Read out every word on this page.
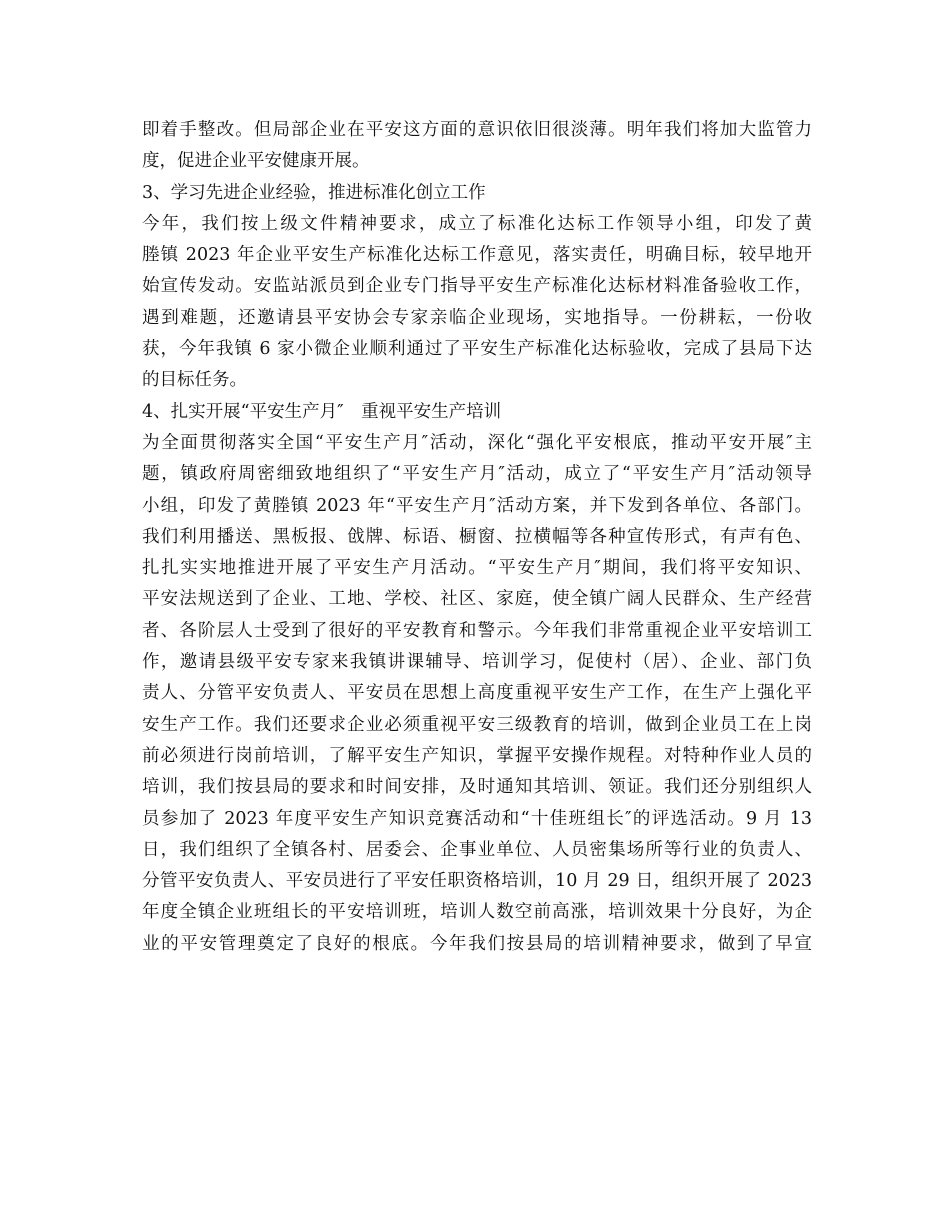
即着手整改。但局部企业在平安这方面的意识依旧很淡薄。明年我们将加大监管力
度，促进企业平安健康开展。
3、学习先进企业经验，推进标准化创立工作
今年，我们按上级文件精神要求，成立了标准化达标工作领导小组，印发了黄
塍镇 2023 年企业平安生产标准化达标工作意见，落实责任，明确目标，较早地开
始宣传发动。安监站派员到企业专门指导平安生产标准化达标材料准备验收工作，
遇到难题，还邀请县平安协会专家亲临企业现场，实地指导。一份耕耘，一份收
获，今年我镇 6 家小微企业顺利通过了平安生产标准化达标验收，完成了县局下达
的目标任务。
4、扎实开展“平安生产月″　重视平安生产培训
为全面贯彻落实全国“平安生产月″活动，深化“强化平安根底，推动平安开展″主
题，镇政府周密细致地组织了“平安生产月″活动，成立了“平安生产月″活动领导
小组，印发了黄塍镇 2023 年“平安生产月″活动方案，并下发到各单位、各部门。
我们利用播送、黑板报、戗牌、标语、橱窗、拉横幅等各种宣传形式，有声有色、
扎扎实实地推进开展了平安生产月活动。“平安生产月″期间，我们将平安知识、
平安法规送到了企业、工地、学校、社区、家庭，使全镇广阔人民群众、生产经营
者、各阶层人士受到了很好的平安教育和警示。今年我们非常重视企业平安培训工
作，邀请县级平安专家来我镇讲课辅导、培训学习，促使村（居）、企业、部门负
责人、分管平安负责人、平安员在思想上高度重视平安生产工作，在生产上强化平
安生产工作。我们还要求企业必须重视平安三级教育的培训，做到企业员工在上岗
前必须进行岗前培训，了解平安生产知识，掌握平安操作规程。对特种作业人员的
培训，我们按县局的要求和时间安排，及时通知其培训、领证。我们还分别组织人
员参加了 2023 年度平安生产知识竞赛活动和“十佳班组长″的评选活动。9 月 13
日，我们组织了全镇各村、居委会、企事业单位、人员密集场所等行业的负责人、
分管平安负责人、平安员进行了平安任职资格培训，10 月 29 日，组织开展了 2023
年度全镇企业班组长的平安培训班，培训人数空前高涨，培训效果十分良好，为企
业的平安管理奠定了良好的根底。今年我们按县局的培训精神要求，做到了早宣
